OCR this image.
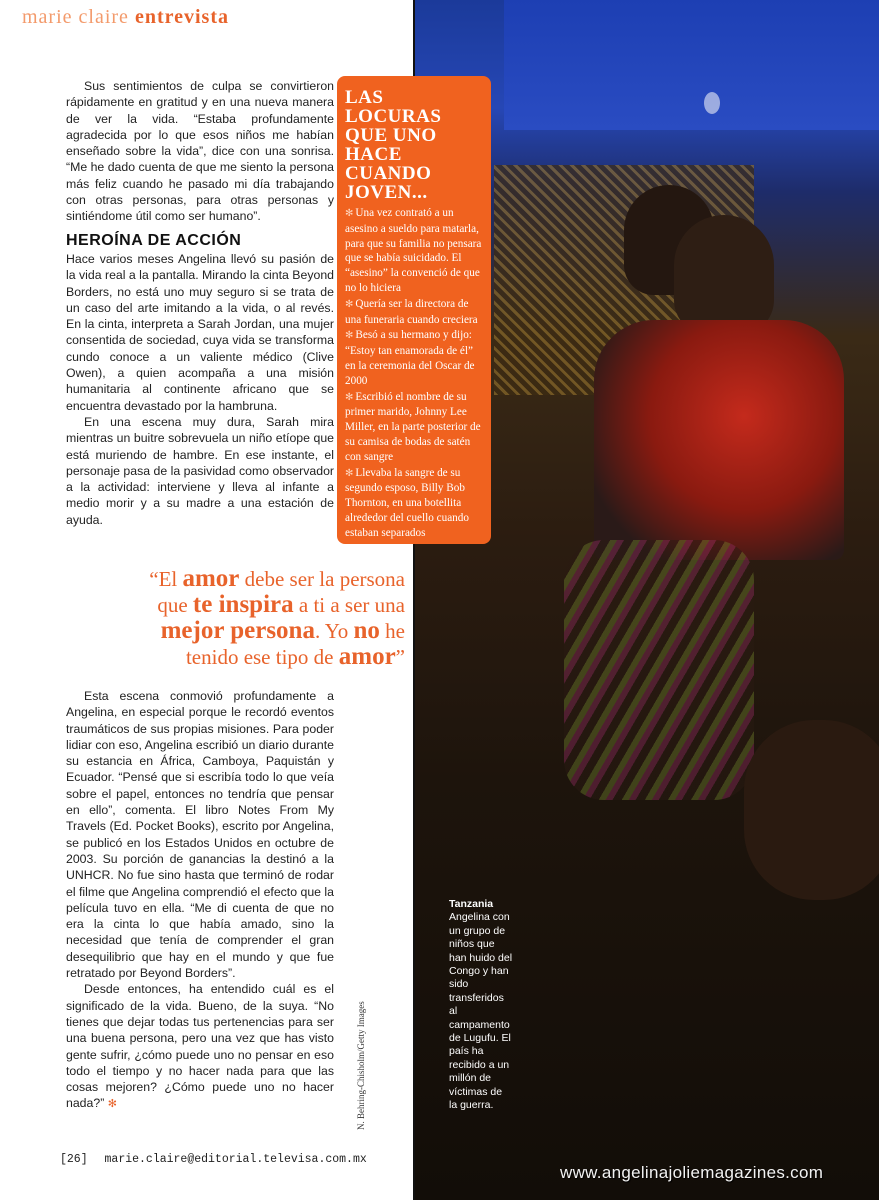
marie claire entrevista

Sus sentimientos de culpa se convirtieron rápidamente en gratitud y en una nueva manera de ver la vida. “Estaba profundamente agradecida por lo que esos niños me habían enseñado sobre la vida”, dice con una sonrisa. “Me he dado cuenta de que me siento la persona más feliz cuando he pasado mi día trabajando con otras personas, para otras personas y sintiéndome útil como ser humano”.

HEROÍNA DE ACCIÓN

Hace varios meses Angelina llevó su pasión de la vida real a la pantalla. Mirando la cinta Beyond Borders, no está uno muy seguro si se trata de un caso del arte imitando a la vida, o al revés. En la cinta, interpreta a Sarah Jordan, una mujer consentida de sociedad, cuya vida se transforma cundo conoce a un valiente médico (Clive Owen), a quien acompaña a una misión humanitaria al continente africano que se encuentra devastado por la hambruna.

En una escena muy dura, Sarah mira mientras un buitre sobrevuela un niño etíope que está muriendo de hambre. En ese instante, el personaje pasa de la pasividad como observador a la actividad: interviene y lleva al infante a medio morir y a su madre a una estación de ayuda.

LAS LOCURAS QUE UNO HACE CUANDO JOVEN...
✻ Una vez contrató a un asesino a sueldo para matarla, para que su familia no pensara que se había suicidado. El “asesino” la convenció de que no lo hiciera
✻ Quería ser la directora de una funeraria cuando creciera
✻ Besó a su hermano y dijo: “Estoy tan enamorada de él” en la ceremonia del Oscar de 2000
✻ Escribió el nombre de su primer marido, Johnny Lee Miller, en la parte posterior de su camisa de bodas de satén con sangre
✻ Llevaba la sangre de su segundo esposo, Billy Bob Thornton, en una botellita alrededor del cuello cuando estaban separados
“El amor debe ser la persona
que te inspira a ti a ser una
mejor persona. Yo no he
tenido ese tipo de amor”

Esta escena conmovió profundamente a Angelina, en especial porque le recordó eventos traumáticos de sus propias misiones. Para poder lidiar con eso, Angelina escribió un diario durante su estancia en África, Camboya, Paquistán y Ecuador. “Pensé que si escribía todo lo que veía sobre el papel, entonces no tendría que pensar en ello”, comenta. El libro Notes From My Travels (Ed. Pocket Books), escrito por Angelina, se publicó en los Estados Unidos en octubre de 2003. Su porción de ganancias la destinó a la UNHCR. No fue sino hasta que terminó de rodar el filme que Angelina comprendió el efecto que la película tuvo en ella. “Me di cuenta de que no era la cinta lo que había amado, sino la necesidad que tenía de comprender el gran desequilibrio que hay en el mundo y que fue retratado por Beyond Borders”.

Desde entonces, ha entendido cuál es el significado de la vida. Bueno, de la suya. “No tienes que dejar todas tus pertenencias para ser una buena persona, pero una vez que has visto gente sufrir, ¿cómo puede uno no pensar en eso todo el tiempo y no hacer nada para que las cosas mejoren? ¿Cómo puede uno no hacer nada?” ✻	N. Behring-Chisholm/Getty Images
Tanzania
Angelina con un grupo de niños que han huido del Congo y han sido transferidos al campamento de Lugufu. El país ha recibido a un millón de víctimas de la guerra.
[26] marie.claire@editorial.televisa.com.mx
www.angelinajoliemagazines.com
